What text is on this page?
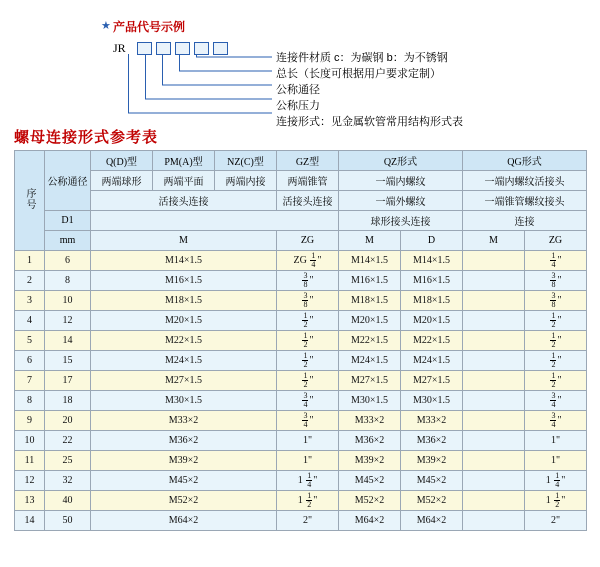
★ 产品代号示例
JR
连接件材质 c：为碳钢 b：为不锈钢
总长（长度可根据用户要求定制）
公称通径
公称压力
连接形式：见金属软管常用结构形式表
螺母连接形式参考表
序号	公称通径	Q(D)型	PM(A)型	NZ(C)型	GZ型	QZ形式		QG形式	
		两端球形	两端平面	两端内接	两端锥管	一端内螺纹		一端内螺纹活接头	
		活接头连接			活接头连接	一端外螺纹		一端锥管螺纹接头	
	D1					球形接头连接		连接	
	mm	M			ZG	M	D	M	ZG
1	6	M14×1.5			ZG $\frac{1}{4}$ "	M14×1.5	M14×1.5		$\frac{1}{4}$ "
2	8	M16×1.5			$\frac{3}{8}$ "	M16×1.5	M16×1.5		$\frac{3}{8}$ "
3	10	M18×1.5			$\frac{3}{8}$ "	M18×1.5	M18×1.5		$\frac{3}{8}$ "
4	12	M20×1.5			$\frac{1}{2}$ "	M20×1.5	M20×1.5		$\frac{1}{2}$ "
5	14	M22×1.5			$\frac{1}{2}$ "	M22×1.5	M22×1.5		$\frac{1}{2}$ "
6	15	M24×1.5			$\frac{1}{2}$ "	M24×1.5	M24×1.5		$\frac{1}{2}$ "
7	17	M27×1.5			$\frac{1}{2}$ "	M27×1.5	M27×1.5		$\frac{1}{2}$ "
8	18	M30×1.5			$\frac{3}{4}$ "	M30×1.5	M30×1.5		$\frac{3}{4}$ "
9	20	M33×2			$\frac{3}{4}$ "	M33×2	M33×2		$\frac{3}{4}$ "
10	22	M36×2			1"	M36×2	M36×2		1"
11	25	M39×2			1"	M39×2	M39×2		1"
12	32	M45×2			$1 \frac{1}{4}$ "	M45×2	M45×2		$1 \frac{1}{4}$ "
13	40	M52×2			$1 \frac{1}{2}$ "	M52×2	M52×2		$1 \frac{1}{2}$ "
14	50	M64×2			2"	M64×2	M64×2		2"
